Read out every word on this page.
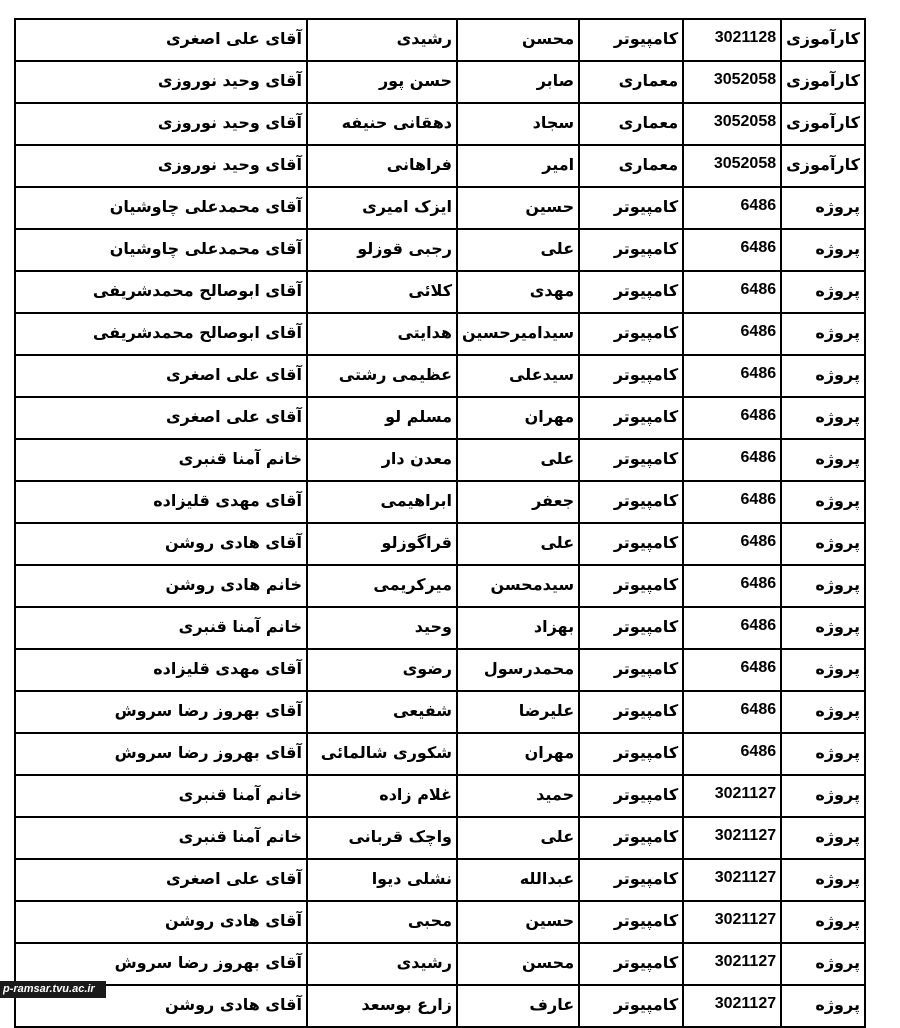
کارآموزی	3021128	کامپیوتر	محسن	رشیدی	آقای علی اصغری
کارآموزی	3052058	معماری	صابر	حسن پور	آقای وحید نوروزی
کارآموزی	3052058	معماری	سجاد	دهقانی حنیفه	آقای وحید نوروزی
کارآموزی	3052058	معماری	امیر	فراهانی	آقای وحید نوروزی
پروژه	6486	کامپیوتر	حسین	ایزک امیری	آقای محمدعلی چاوشیان
پروژه	6486	کامپیوتر	علی	رجبی قوزلو	آقای محمدعلی چاوشیان
پروژه	6486	کامپیوتر	مهدی	کلائی	آقای ابوصالح محمدشریفی
پروژه	6486	کامپیوتر	سیدامیرحسین	هدایتی	آقای ابوصالح محمدشریفی
پروژه	6486	کامپیوتر	سیدعلی	عظیمی رشتی	آقای علی اصغری
پروژه	6486	کامپیوتر	مهران	مسلم لو	آقای علی اصغری
پروژه	6486	کامپیوتر	علی	معدن دار	خانم آمنا قنبری
پروژه	6486	کامپیوتر	جعفر	ابراهیمی	آقای مهدی قلیزاده
پروژه	6486	کامپیوتر	علی	قراگوزلو	آقای هادی روشن
پروژه	6486	کامپیوتر	سیدمحسن	میرکریمی	خانم هادی روشن
پروژه	6486	کامپیوتر	بهزاد	وحید	خانم آمنا قنبری
پروژه	6486	کامپیوتر	محمدرسول	رضوی	آقای مهدی قلیزاده
پروژه	6486	کامپیوتر	علیرضا	شفیعی	آقای بهروز رضا سروش
پروژه	6486	کامپیوتر	مهران	شکوری شالمائی	آقای بهروز رضا سروش
پروژه	3021127	کامپیوتر	حمید	غلام زاده	خانم آمنا قنبری
پروژه	3021127	کامپیوتر	علی	واچک قربانی	خانم آمنا قنبری
پروژه	3021127	کامپیوتر	عبدالله	نشلی دیوا	آقای علی اصغری
پروژه	3021127	کامپیوتر	حسین	محبی	آقای هادی روشن
پروژه	3021127	کامپیوتر	محسن	رشیدی	آقای بهروز رضا سروش
پروژه	3021127	کامپیوتر	عارف	زارع بوسعد	آقای هادی روشن
p-ramsar.tvu.ac.ir
